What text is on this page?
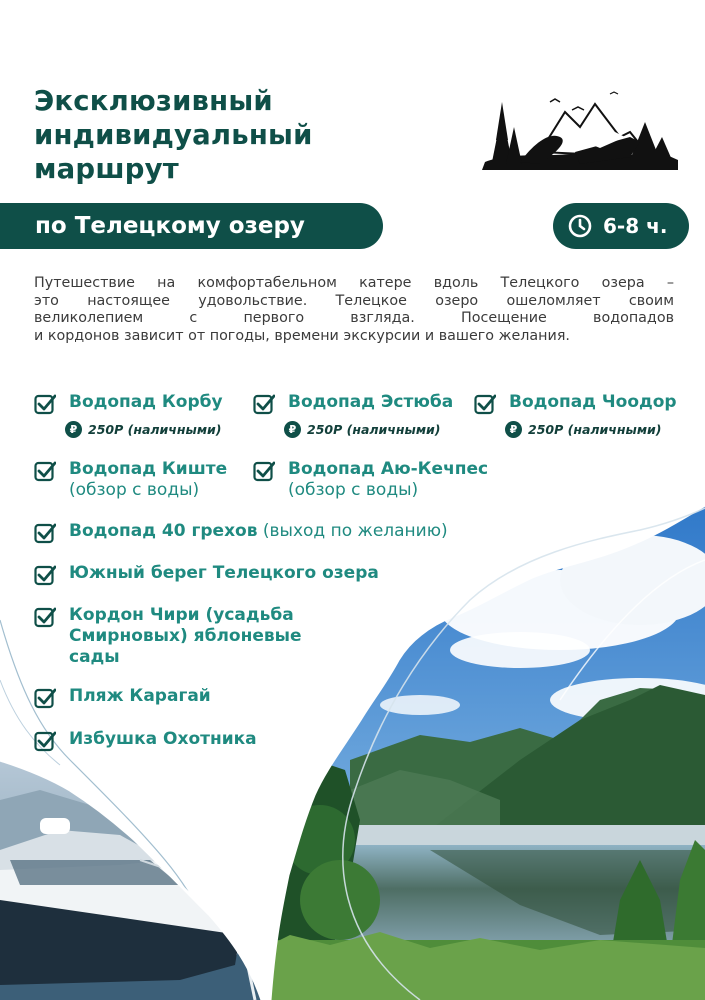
Эксклюзивный
индивидуальный
маршрут
по Телецкому озеру	6-8 ч.

Путешествие на комфортабельном катере вдоль Телецкого озера –
это настоящее удовольствие. Телецкое озеро ошеломляет своим
великолепием с первого взгляда. Посещение водопадов
и кордонов зависит от погоды, времени экскурсии и вашего желания.

Водопад Корбу
₽ 250Р (наличными)
Водопад Эстюба
₽ 250Р (наличными)
Водопад Чоодор
₽ 250Р (наличными)
Водопад Киште
(обзор с воды)
Водопад Аю-Кечпес
(обзор с воды)
Водопад 40 грехов (выход по желанию)
Южный берег Телецкого озера
Кордон Чири (усадьба
Смирновых) яблоневые
сады
Пляж Карагай
Избушка Охотника
